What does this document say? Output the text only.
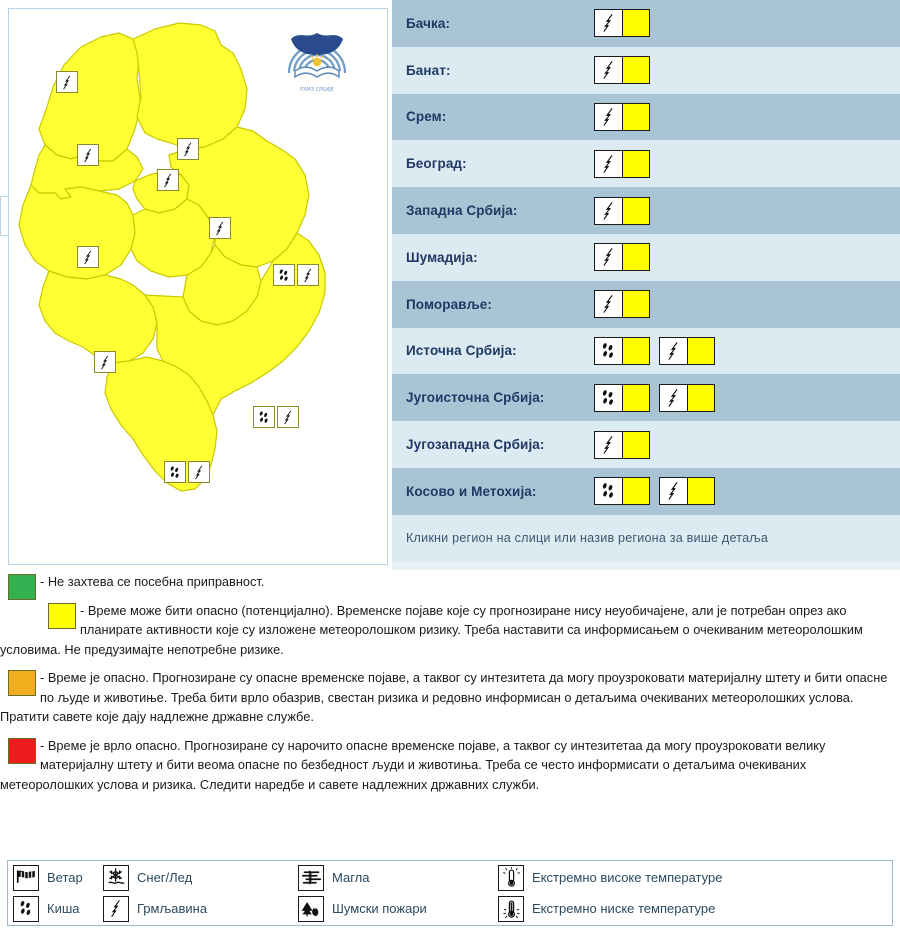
РХМЗ СРБИЈЕ
Бачка:
Банат:
Срем:
Београд:
Западна Србија:
Шумадија:
Поморавље:
Источна Србија:
Југоисточна Србија:
Југозападна Србија:
Косово и Метохија:
Кликни регион на слици или назив региона за више детаља
- Не захтева се посебна приправност.
- Време може бити опасно (потенцијално). Временске појаве које су прогнозиране нису неуобичајене, али је потребан опрез ако планирате активности које су изложене метеоролошком ризику. Треба наставити са информисањем о очекиваним метеоролошким условима. Не предузимајте непотребне ризике.
- Време је опасно. Прогнозиране су опасне временске појаве, а таквог су интезитета да могу проузроковати материјалну штету и бити опасне по људе и животиње. Треба бити врло обазрив, свестан ризика и редовно информисан о детаљима очекиваних метеоролошких услова. Пратити савете које дају надлежне државне службе.
- Време је врло опасно. Прогнозиране су нарочито опасне временске појаве, а таквог су интезитетаа да могу проузроковати велику материјалну штету и бити веома опасне по безбедност људи и животиња. Треба се често информисати о детаљима очекиваних метеоролошких услова и ризика. Следити наредбе и савете надлежних државних служби.
Ветар	Снег/Лед	Магла	Екстремно високе температуре
Киша	Грмљавина	Шумски пожари	Екстремно ниске температуре
